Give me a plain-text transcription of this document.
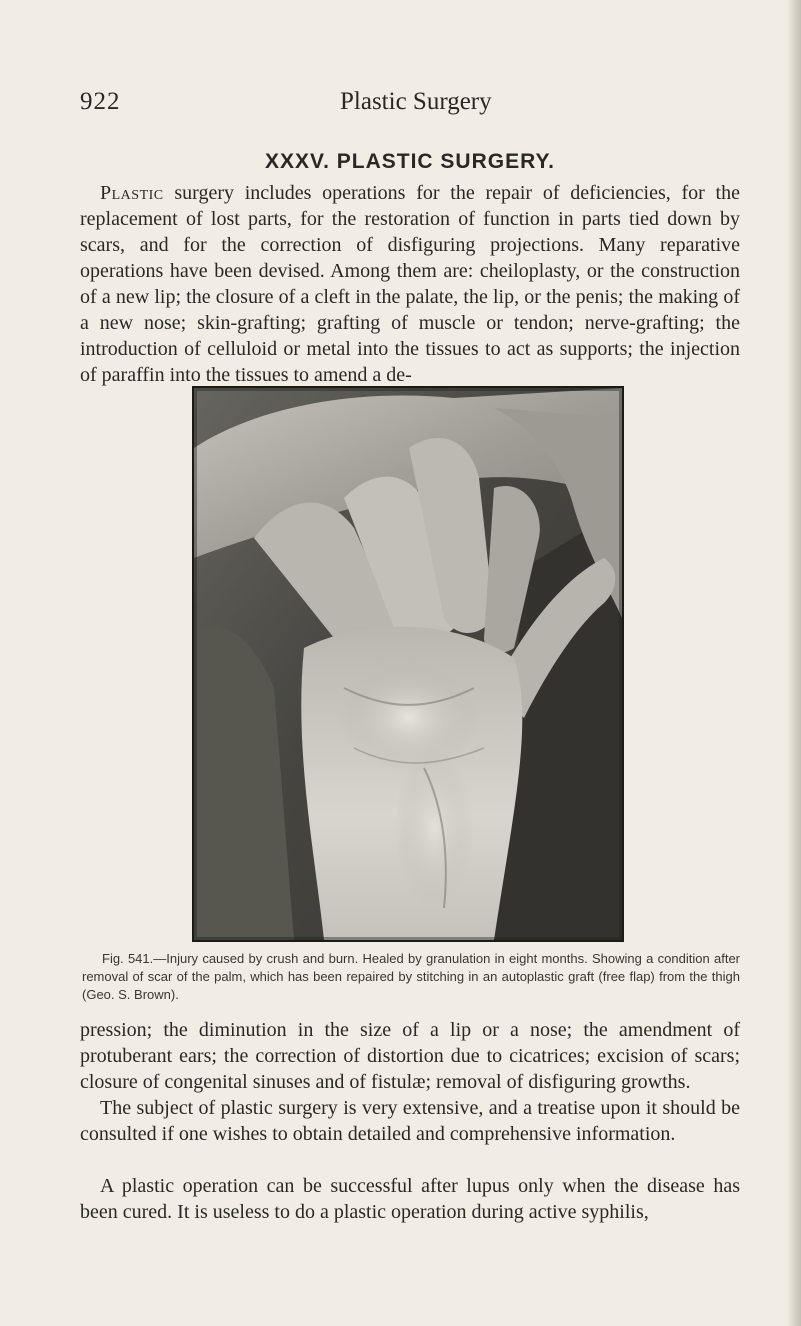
922	Plastic Surgery
XXXV. PLASTIC SURGERY.

Plastic surgery includes operations for the repair of deficiencies, for the replacement of lost parts, for the restoration of function in parts tied down by scars, and for the correction of disfiguring projections. Many reparative operations have been devised. Among them are: cheiloplasty, or the construction of a new lip; the closure of a cleft in the palate, the lip, or the penis; the making of a new nose; skin-grafting; grafting of muscle or tendon; nerve-grafting; the introduction of celluloid or metal into the tissues to act as supports; the injection of paraffin into the tissues to amend a de-

Fig. 541.—Injury caused by crush and burn. Healed by granulation in eight months. Showing a condition after removal of scar of the palm, which has been repaired by stitching in an autoplastic graft (free flap) from the thigh (Geo. S. Brown).

pression; the diminution in the size of a lip or a nose; the amendment of protuberant ears; the correction of distortion due to cicatrices; excision of scars; closure of congenital sinuses and of fistulæ; removal of disfiguring growths.

The subject of plastic surgery is very extensive, and a treatise upon it should be consulted if one wishes to obtain detailed and comprehensive information.

A plastic operation can be successful after lupus only when the disease has been cured. It is useless to do a plastic operation during active syphilis,
